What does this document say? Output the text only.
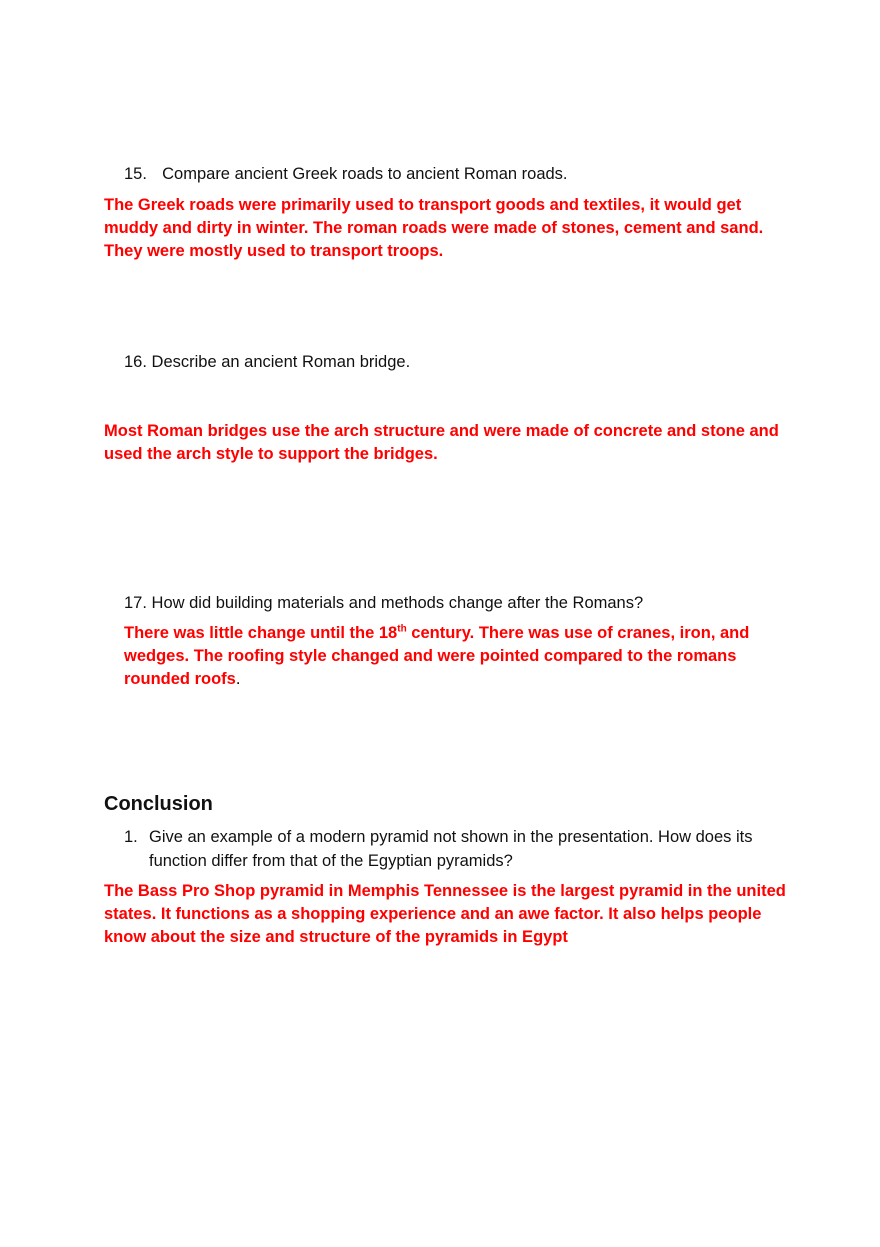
15. Compare ancient Greek roads to ancient Roman roads.
The Greek roads were primarily used to transport goods and textiles, it would get muddy and dirty in winter. The roman roads were made of stones, cement and sand. They were mostly used to transport troops.
16. Describe an ancient Roman bridge.
Most Roman bridges use the arch structure and were made of concrete and stone and used the arch style to support the bridges.
17. How did building materials and methods change after the Romans?
There was little change until the 18th century. There was use of cranes, iron, and wedges. The roofing style changed and were pointed compared to the romans rounded roofs.
Conclusion
1. Give an example of a modern pyramid not shown in the presentation. How does its function differ from that of the Egyptian pyramids?
The Bass Pro Shop pyramid in Memphis Tennessee is the largest pyramid in the united states. It functions as a shopping experience and an awe factor. It also helps people know about the size and structure of the pyramids in Egypt
